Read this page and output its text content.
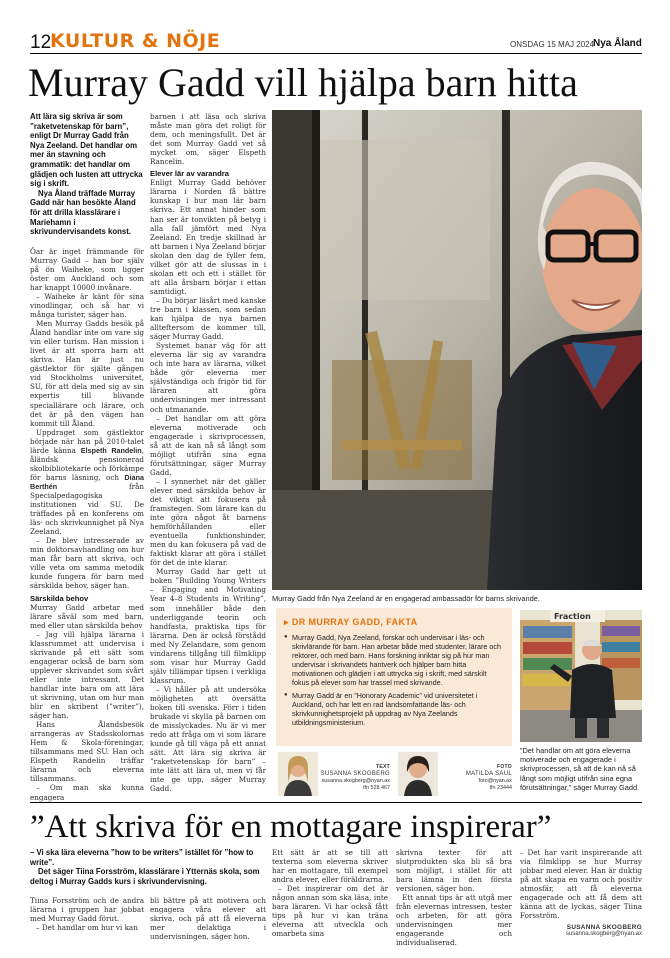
12
KULTUR & NÖJE	ONSDAG 15 MAJ 2024
Nya Åland
Murray Gadd vill hjälpa barn hitta

Att lära sig skriva är som ”raketvetenskap för barn”, enligt Dr Murray Gadd från Nya Zeeland. Det handlar om mer än stavning och grammatik: det handlar om glädjen och lusten att uttrycka sig i skrift.

Nya Åland träffade Murray Gadd när han besökte Åland för att drilla klasslärare i Mariehamn i skrivundervisandets konst.

Öar är inget främmande för Murray Gadd – han bor själv på ön Waiheke, som ligger öster om Auckland och som har knappt 10000 invånare.

– Waiheke är känt för sina vinodlingar, och så har vi många turister, säger han.

Men Murray Gadds besök på Åland handlar inte om vare sig vin eller turism. Han mission i livet är att sporra barn att skriva. Han är just nu gästlektor för själte gången vid Stockholms universitet, SU, för att dela med sig av sin expertis till blivande speciallärare och lärare, och det är på den vägen han kommit till Åland.

Uppdraget som gästlektor började när han på 2010-talet lärde känna Elspeth Randelin, åländsk pensionerad skolbibliotekarie och förkämpe för barns läsning, och Diana Berthén från Specialpedagogiska institutionen vid SU. De träffades på en konferens om läs- och skrivkunnighet på Nya Zeeland.

– De blev intresserade av min doktorsavhandling om hur man får barn att skriva, och ville veta om samma metodik kunde fungera för barn med särskilda behov, säger han.

Särskilda behov

Murray Gadd arbetar med lärare såväl som med barn, med eller utan särskilda behov

– Jag vill hjälpa lärarna i klassrummet att undervisa i skrivande på ett sätt som engagerar också de barn som upplever skrivandet som svårt eller inte intressant. Det handlar inte bara om att lära ut skrivning, utan om hur man blir en skribent (”writer”), säger han.

Hans Ålandsbesök arrangeras av Stadsskolornas Hem & Skola-föreningar, tillsammans med SU. Han och Elspeth Randelin träffar lärarna och eleverna tillsammans.

– Om man ska kunna engagera

barnen i att läsa och skriva måste man göra det roligt för dem, och meningsfullt. Det är det som Murray Gadd vet så mycket om, säger Elspeth Rancelin.

Elever lär av varandra

Enligt Murray Gadd behöver lärarna i Norden få bättre kunskap i hur man lär barn skriva. Ett annat hinder som han ser är tonvikten på betyg i alla fall jämfört med Nya Zeeland. En tredje skillnad är att barnen i Nya Zeeland börjar skolan den dag de fyller fem, vilket gör att de slussas in i skolan ett och ett i stället för att alla årsbarn börjar i ettan samtidigt.

– Du börjar läsårt med kanske tre barn i klassen, som sedan kan hjälpa de nya barnen allteftersom de kommer till, säger Murray Gadd.

Systemet banar väg för att eleverna lär sig av varandra och inte bara av lärarna, vilket både gör eleverna mer självständiga och frigör tid för läraren att göra undervisningen mer intressant och utmanande.

– Det handlar om att göra eleverna motiverade och engagerade i skrivprocessen, så att de kan nå så långt som möjligt utifrån sina egna förutsättningar, säger Murray Gadd.

– I synnerhet när det gäller elever med särskilda behov är det viktigt att fokusera på framstegen. Som lärare kan du inte göra något åt barnens hemförhållanden eller eventuella funktionshinder, men du kan fokusera på vad de faktiskt klarar att göra i stället för det de inte klarar.

Murray Gadd har gett ut boken ”Building Young Writers – Engaging and Motivating Year 4–8 Students in Writing”, som innehåller både den underliggande teorin och handfasta, praktiska tips för lärarna. Den är också förstådd med Ny Zelandare, som genom vindarens tillgång till filmklipp som visar hur Murray Gadd själv tillämpar tipsen i verkliga klassrum.

– Vi håller på att undersöka möjligheten att översätta boken till svenska. Förr i tiden brukade vi skylla på barnen om de misslyckades. Nu är vi mer redo att fråga om vi som lärare kunde gå till väga på ett annat sätt. Att lära sig skriva är ”raketvetenskap för barn” – inte lätt att lära ut, men vi får inte ge upp, säger Murray Gadd.

Murray Gadd från Nya Zeeland är en engagerad ambassadör för barns skrivande.
▸ DR MURRAY GADD, FAKTA
● Murray Gadd, Nya Zeeland, forskar och undervisar i läs- och skrivlärande för barn. Han arbetar både med studenter, lärare och rektorer, och med barn. Hans forskning inriktar sig på hur man undervisar i skrivandets hantverk och hjälper barn hitta motivationen och glädjen i att uttrycka sig i skrift, med särskilt fokus på elever som har trassel med skrivande.
● Murray Gadd är en ”Honorary Academic” vid universitetet i Auckland, och har lett en rad landsomfattande läs- och skrivkunnighetsprojekt på uppdrag av Nya Zeelands utbildningsministerium.
Fraction
”Det handlar om att göra eleverna motiverade och engagerade i skrivprocessen, så att de kan nå så långt som möjligt utifrån sina egna förutsättningar,” säger Murray Gadd.
TEXT
SUSANNA SKOGBERG
susanna.skogberg@nyan.ax
tfn 528 467
FOTO
MATILDA SAUL
foto@nyan.ax
tfn 23444
”Att skriva för en mottagare inspirerar”

– Vi ska lära eleverna ”how to be writers” istället för ”how to write”.

Det säger Tiina Forsström, klasslärare i Ytternäs skola, som deltog i Murray Gadds kurs i skrivundervisning.

Tiina Forsström och de andra lärarna i gruppen har jobbat med Murray Gadd förut.

– Det handlar om hur vi kan

bli bättre på att motivera och engagera våra elever att skriva, och på att få eleverna mer delaktiga i undervisningen, säger hon.

Ett sätt är att se till att texterna som eleverna skriver har en mottagare, till exempel andra elever, eller föräldrarna.

– Det inspirerar om det är någon annan som ska läsa, inte bara läraren. Vi har också fått tips på hur vi kan träna eleverna att utveckla och omarbeta sina

skrivna texter för att slutprodukten ska bli så bra som möjligt, i stället för att bara lämna in den första versionen, säger hon.

Ett annat tips är att utgå mer från elevernas intressen, tester och arbeten, för att göra undervisningen mer engagerande och individualiserad.

– Det har varit inspirerande att via filmklipp se hur Murray jobbar med elever. Han är duktig på att skapa en varm och positiv atmosfär, att få eleverna engagerade och att få dem att känna att de lyckas, säger Tiina Forsström.

SUSANNA SKOGBERG
susanna.skogberg@nyan.ax
